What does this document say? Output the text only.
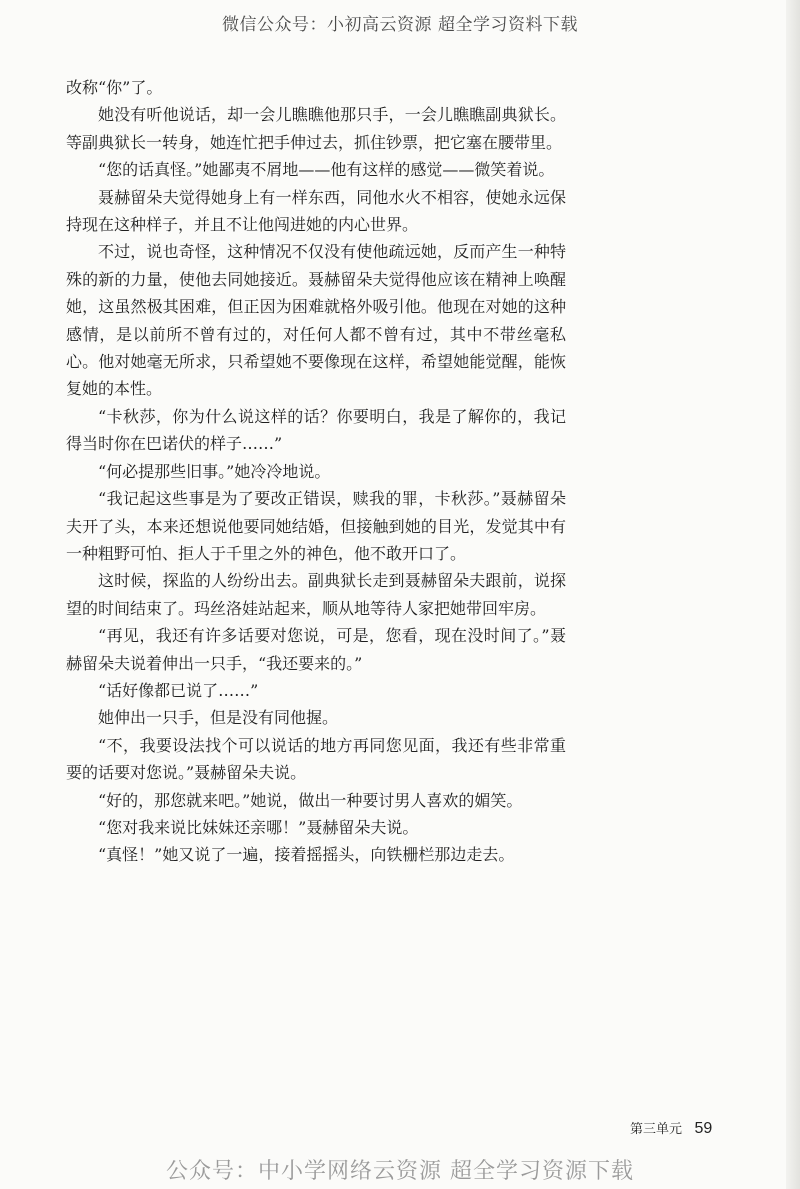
微信公众号：小初高云资源 超全学习资料下载

改称“你”了。

她没有听他说话，却一会儿瞧瞧他那只手，一会儿瞧瞧副典狱长。等副典狱长一转身，她连忙把手伸过去，抓住钞票，把它塞在腰带里。

“您的话真怪。”她鄙夷不屑地——他有这样的感觉——微笑着说。

聂赫留朵夫觉得她身上有一样东西，同他水火不相容，使她永远保持现在这种样子，并且不让他闯进她的内心世界。

不过，说也奇怪，这种情况不仅没有使他疏远她，反而产生一种特殊的新的力量，使他去同她接近。聂赫留朵夫觉得他应该在精神上唤醒她，这虽然极其困难，但正因为困难就格外吸引他。他现在对她的这种感情，是以前所不曾有过的，对任何人都不曾有过，其中不带丝毫私心。他对她毫无所求，只希望她不要像现在这样，希望她能觉醒，能恢复她的本性。

“卡秋莎，你为什么说这样的话？你要明白，我是了解你的，我记得当时你在巴诺伏的样子……”

“何必提那些旧事。”她冷冷地说。

“我记起这些事是为了要改正错误，赎我的罪，卡秋莎。”聂赫留朵夫开了头，本来还想说他要同她结婚，但接触到她的目光，发觉其中有一种粗野可怕、拒人于千里之外的神色，他不敢开口了。

这时候，探监的人纷纷出去。副典狱长走到聂赫留朵夫跟前，说探望的时间结束了。玛丝洛娃站起来，顺从地等待人家把她带回牢房。

“再见，我还有许多话要对您说，可是，您看，现在没时间了。”聂赫留朵夫说着伸出一只手，“我还要来的。”

“话好像都已说了……”

她伸出一只手，但是没有同他握。

“不，我要设法找个可以说话的地方再同您见面，我还有些非常重要的话要对您说。”聂赫留朵夫说。

“好的，那您就来吧。”她说，做出一种要讨男人喜欢的媚笑。

“您对我来说比妹妹还亲哪！”聂赫留朵夫说。

“真怪！”她又说了一遍，接着摇摇头，向铁栅栏那边走去。

第三单元 59
公众号：中小学网络云资源 超全学习资源下载
